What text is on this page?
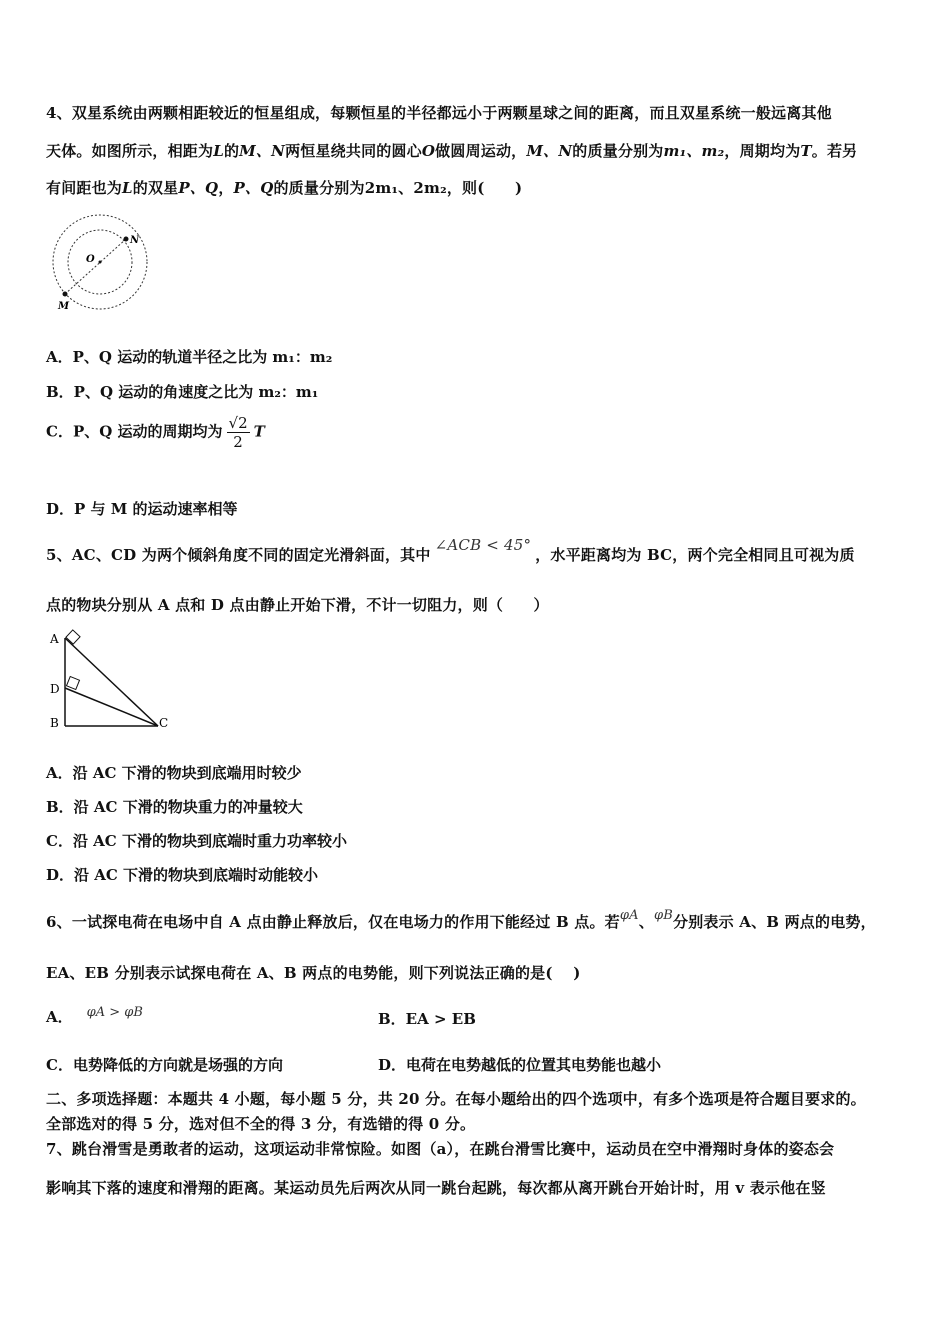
4、双星系统由两颗相距较近的恒星组成，每颗恒星的半径都远小于两颗星球之间的距离，而且双星系统一般远离其他
天体。如图所示，相距为L的M、N两恒星绕共同的圆心O做圆周运动，M、N的质量分别为m₁、m₂，周期均为T。若另
有间距也为L的双星P、Q，P、Q的质量分别为2m₁、2m₂，则(　　)
O
N
M
A．P、Q 运动的轨道半径之比为 m₁：m₂
B．P、Q 运动的角速度之比为 m₂：m₁
C．P、Q 运动的周期均为 $\frac{√2}{2}$ T
D．P 与 M 的运动速率相等
5、AC、CD 为两个倾斜角度不同的固定光滑斜面，其中∠ACB < 45°，水平距离均为 BC，两个完全相同且可视为质
点的物块分别从 A 点和 D 点由静止开始下滑，不计一切阻力，则（　　）
A
D
B	C
A．沿 AC 下滑的物块到底端用时较少
B．沿 AC 下滑的物块重力的冲量较大
C．沿 AC 下滑的物块到底端时重力功率较小
D．沿 AC 下滑的物块到底端时动能较小
6、一试探电荷在电场中自 A 点由静止释放后，仅在电场力的作用下能经过 B 点。若φA、φB分别表示 A、B 两点的电势，
EA、EB 分别表示试探电荷在 A、B 两点的电势能，则下列说法正确的是(　 )
A． φA > φB	B．EA > EB
C．电势降低的方向就是场强的方向	D．电荷在电势越低的位置其电势能也越小
二、多项选择题：本题共 4 小题，每小题 5 分，共 20 分。在每小题给出的四个选项中，有多个选项是符合题目要求的。
全部选对的得 5 分，选对但不全的得 3 分，有选错的得 0 分。
7、跳台滑雪是勇敢者的运动，这项运动非常惊险。如图（a），在跳台滑雪比赛中，运动员在空中滑翔时身体的姿态会
影响其下落的速度和滑翔的距离。某运动员先后两次从同一跳台起跳，每次都从离开跳台开始计时，用 v 表示他在竖
